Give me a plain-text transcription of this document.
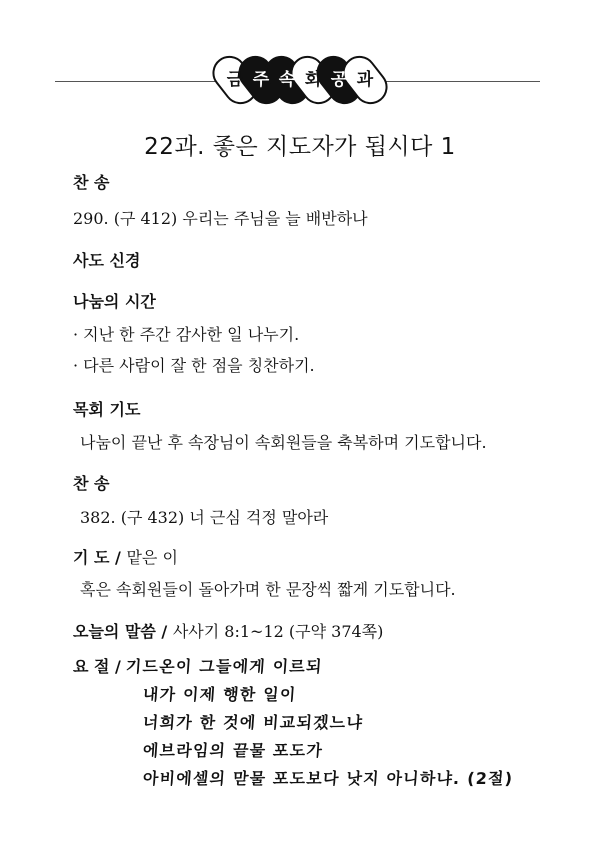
금 주 속 회 공 과
22과. 좋은 지도자가 됩시다 1
찬 송
290. (구 412) 우리는 주님을 늘 배반하나
사도 신경
나눔의 시간
· 지난 한 주간 감사한 일 나누기.
· 다른 사람이 잘 한 점을 칭찬하기.
목회 기도
나눔이 끝난 후 속장님이 속회원들을 축복하며 기도합니다.
찬 송
382. (구 432) 너 근심 걱정 말아라
기 도 / 맡은 이
혹은 속회원들이 돌아가며 한 문장씩 짧게 기도합니다.
오늘의 말씀 / 사사기 8:1~12 (구약 374쪽)
요 절 / 기드온이 그들에게 이르되
내가 이제 행한 일이
너희가 한 것에 비교되겠느냐
에브라임의 끝물 포도가
아비에셀의 맏물 포도보다 낫지 아니하냐. (2절)
